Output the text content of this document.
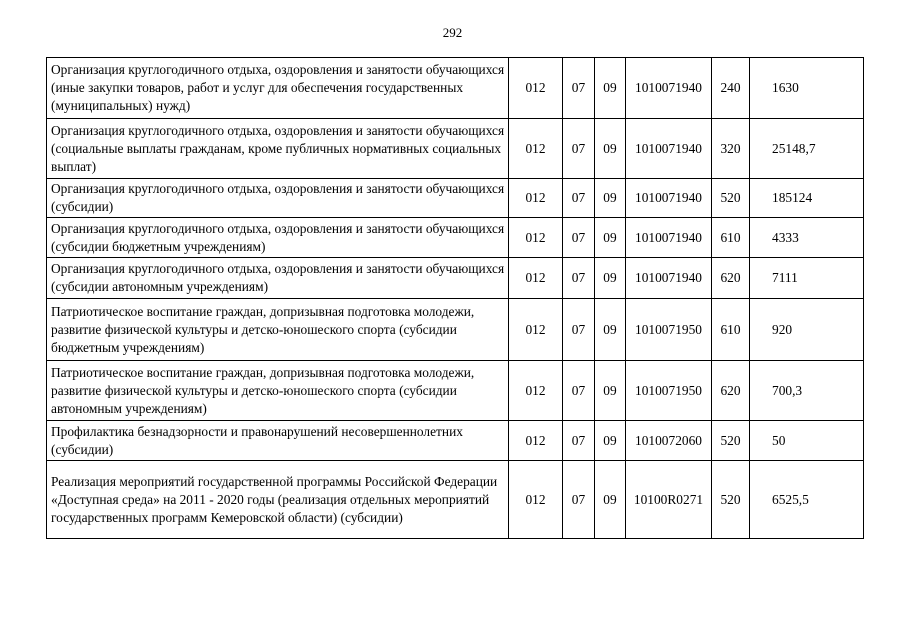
292
Организация круглогодичного отдыха, оздоровления и занятости обучающихся (иные закупки товаров, работ и услуг для обеспечения государственных (муниципальных) нужд)	012	07	09	1010071940	240	1630
Организация круглогодичного отдыха, оздоровления и занятости обучающихся (социальные выплаты гражданам, кроме публичных нормативных социальных выплат)	012	07	09	1010071940	320	25148,7
Организация круглогодичного отдыха, оздоровления и занятости обучающихся (субсидии)	012	07	09	1010071940	520	185124
Организация круглогодичного отдыха, оздоровления и занятости обучающихся (субсидии бюджетным учреждениям)	012	07	09	1010071940	610	4333
Организация круглогодичного отдыха, оздоровления и занятости обучающихся (субсидии автономным учреждениям)	012	07	09	1010071940	620	7111
Патриотическое воспитание граждан, допризывная подготовка молодежи, развитие физической культуры и детско-юношеского спорта (субсидии бюджетным учреждениям)	012	07	09	1010071950	610	920
Патриотическое воспитание граждан, допризывная подготовка молодежи, развитие физической культуры и детско-юношеского спорта (субсидии автономным учреждениям)	012	07	09	1010071950	620	700,3
Профилактика безнадзорности и правонарушений несовершеннолетних (субсидии)	012	07	09	1010072060	520	50
Реализация мероприятий государственной программы Российской Федерации «Доступная среда» на 2011 - 2020 годы (реализация отдельных мероприятий государственных программ Кемеровской области) (субсидии)	012	07	09	10100R0271	520	6525,5
